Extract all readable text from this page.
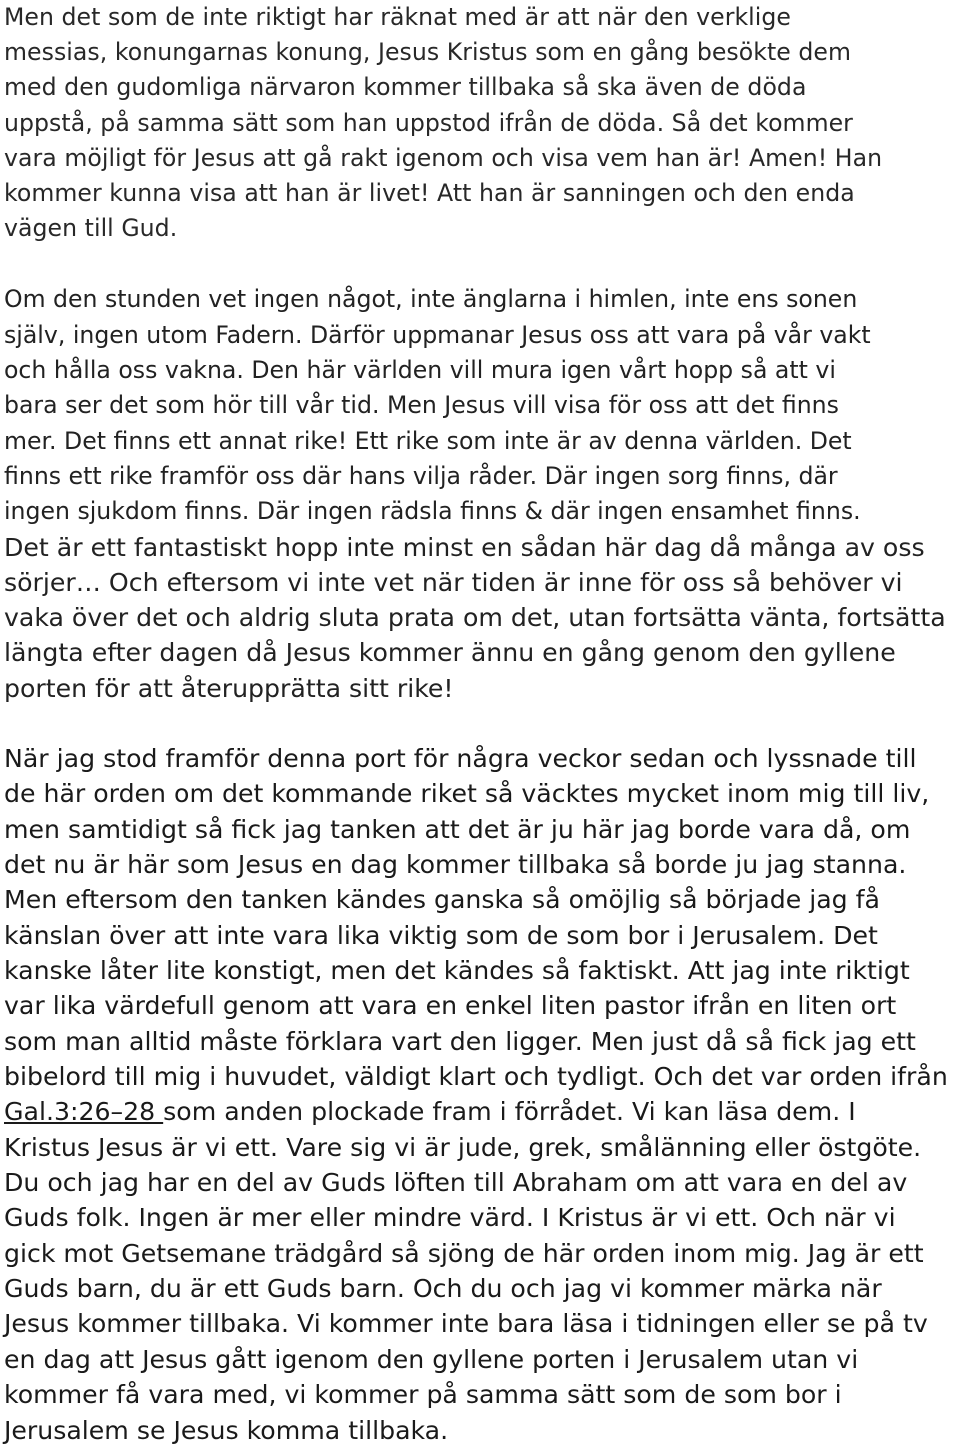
Men det som de inte riktigt har räknat med är att när den verklige
messias, konungarnas konung, Jesus Kristus som en gång besökte dem
med den gudomliga närvaron kommer tillbaka så ska även de döda
uppstå, på samma sätt som han uppstod ifrån de döda. Så det kommer
vara möjligt för Jesus att gå rakt igenom och visa vem han är! Amen! Han
kommer kunna visa att han är livet! Att han är sanningen och den enda
vägen till Gud.
Om den stunden vet ingen något, inte änglarna i himlen, inte ens sonen
själv, ingen utom Fadern. Därför uppmanar Jesus oss att vara på vår vakt
och hålla oss vakna. Den här världen vill mura igen vårt hopp så att vi
bara ser det som hör till vår tid. Men Jesus vill visa för oss att det finns
mer. Det finns ett annat rike! Ett rike som inte är av denna världen. Det
finns ett rike framför oss där hans vilja råder. Där ingen sorg finns, där
ingen sjukdom finns. Där ingen rädsla finns & där ingen ensamhet finns.
Det är ett fantastiskt hopp inte minst en sådan här dag då många av oss
sörjer… Och eftersom vi inte vet när tiden är inne för oss så behöver vi
vaka över det och aldrig sluta prata om det, utan fortsätta vänta, fortsätta
längta efter dagen då Jesus kommer ännu en gång genom den gyllene
porten för att återupprätta sitt rike!
När jag stod framför denna port för några veckor sedan och lyssnade till
de här orden om det kommande riket så väcktes mycket inom mig till liv,
men samtidigt så fick jag tanken att det är ju här jag borde vara då, om
det nu är här som Jesus en dag kommer tillbaka så borde ju jag stanna.
Men eftersom den tanken kändes ganska så omöjlig så började jag få
känslan över att inte vara lika viktig som de som bor i Jerusalem. Det
kanske låter lite konstigt, men det kändes så faktiskt. Att jag inte riktigt
var lika värdefull genom att vara en enkel liten pastor ifrån en liten ort
som man alltid måste förklara vart den ligger. Men just då så fick jag ett
bibelord till mig i huvudet, väldigt klart och tydligt. Och det var orden ifrån
Gal.3:26–28 som anden plockade fram i förrådet. Vi kan läsa dem. I
Kristus Jesus är vi ett. Vare sig vi är jude, grek, smålänning eller östgöte.
Du och jag har en del av Guds löften till Abraham om att vara en del av
Guds folk. Ingen är mer eller mindre värd. I Kristus är vi ett. Och när vi
gick mot Getsemane trädgård så sjöng de här orden inom mig. Jag är ett
Guds barn, du är ett Guds barn. Och du och jag vi kommer märka när
Jesus kommer tillbaka. Vi kommer inte bara läsa i tidningen eller se på tv
en dag att Jesus gått igenom den gyllene porten i Jerusalem utan vi
kommer få vara med, vi kommer på samma sätt som de som bor i
Jerusalem se Jesus komma tillbaka.
